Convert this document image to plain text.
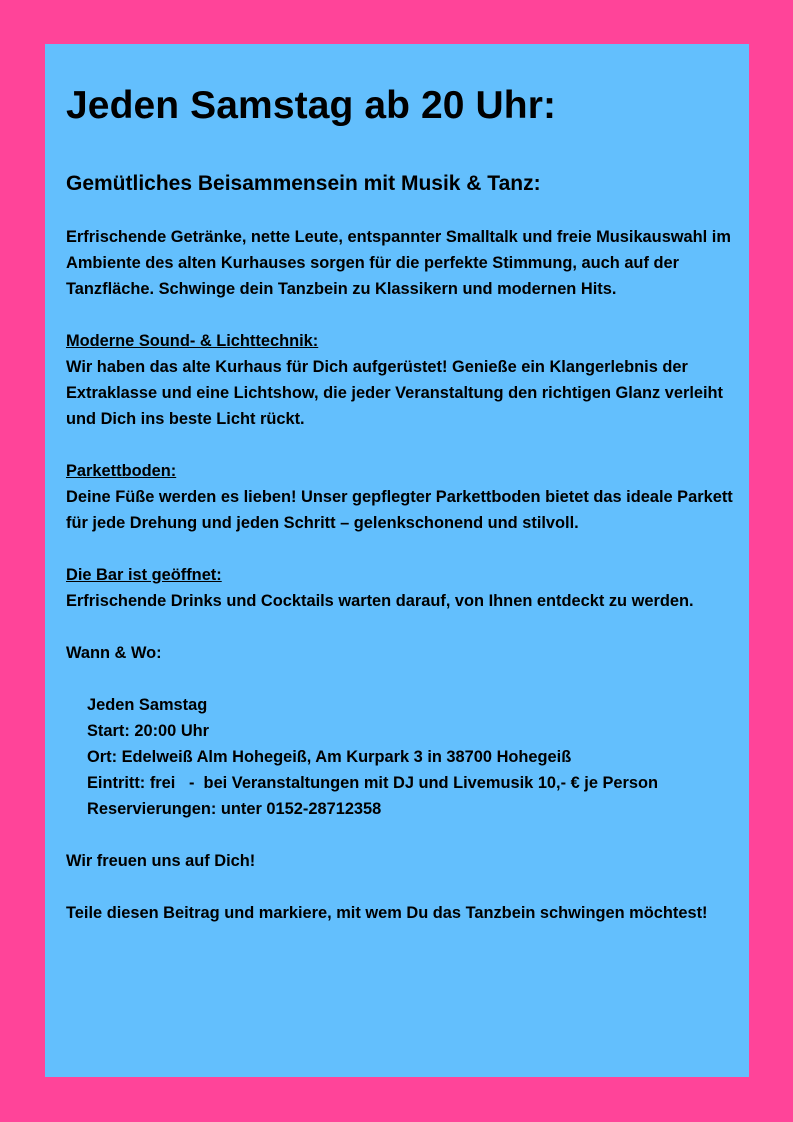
Jeden Samstag ab 20 Uhr:
Gemütliches Beisammensein mit Musik & Tanz:

Erfrischende Getränke, nette Leute, entspannter Smalltalk und freie Musikauswahl im Ambiente des alten Kurhauses sorgen für die perfekte Stimmung, auch auf der Tanzfläche. Schwinge dein Tanzbein zu Klassikern und modernen Hits.

Moderne Sound- & Lichttechnik:

Wir haben das alte Kurhaus für Dich aufgerüstet! Genieße ein Klangerlebnis der Extraklasse und eine Lichtshow, die jeder Veranstaltung den richtigen Glanz verleiht und Dich ins beste Licht rückt.

Parkettboden:

Deine Füße werden es lieben! Unser gepflegter Parkettboden bietet das ideale Parkett für jede Drehung und jeden Schritt – gelenkschonend und stilvoll.

Die Bar ist geöffnet:

Erfrischende Drinks und Cocktails warten darauf, von Ihnen entdeckt zu werden.

Wann & Wo:

Jeden Samstag
Start: 20:00 Uhr
Ort: Edelweiß Alm Hohegeiß, Am Kurpark 3 in 38700 Hohegeiß
Eintritt: frei   -  bei Veranstaltungen mit DJ und Livemusik 10,- € je Person
Reservierungen: unter 0152-28712358

Wir freuen uns auf Dich!

Teile diesen Beitrag und markiere, mit wem Du das Tanzbein schwingen möchtest!
